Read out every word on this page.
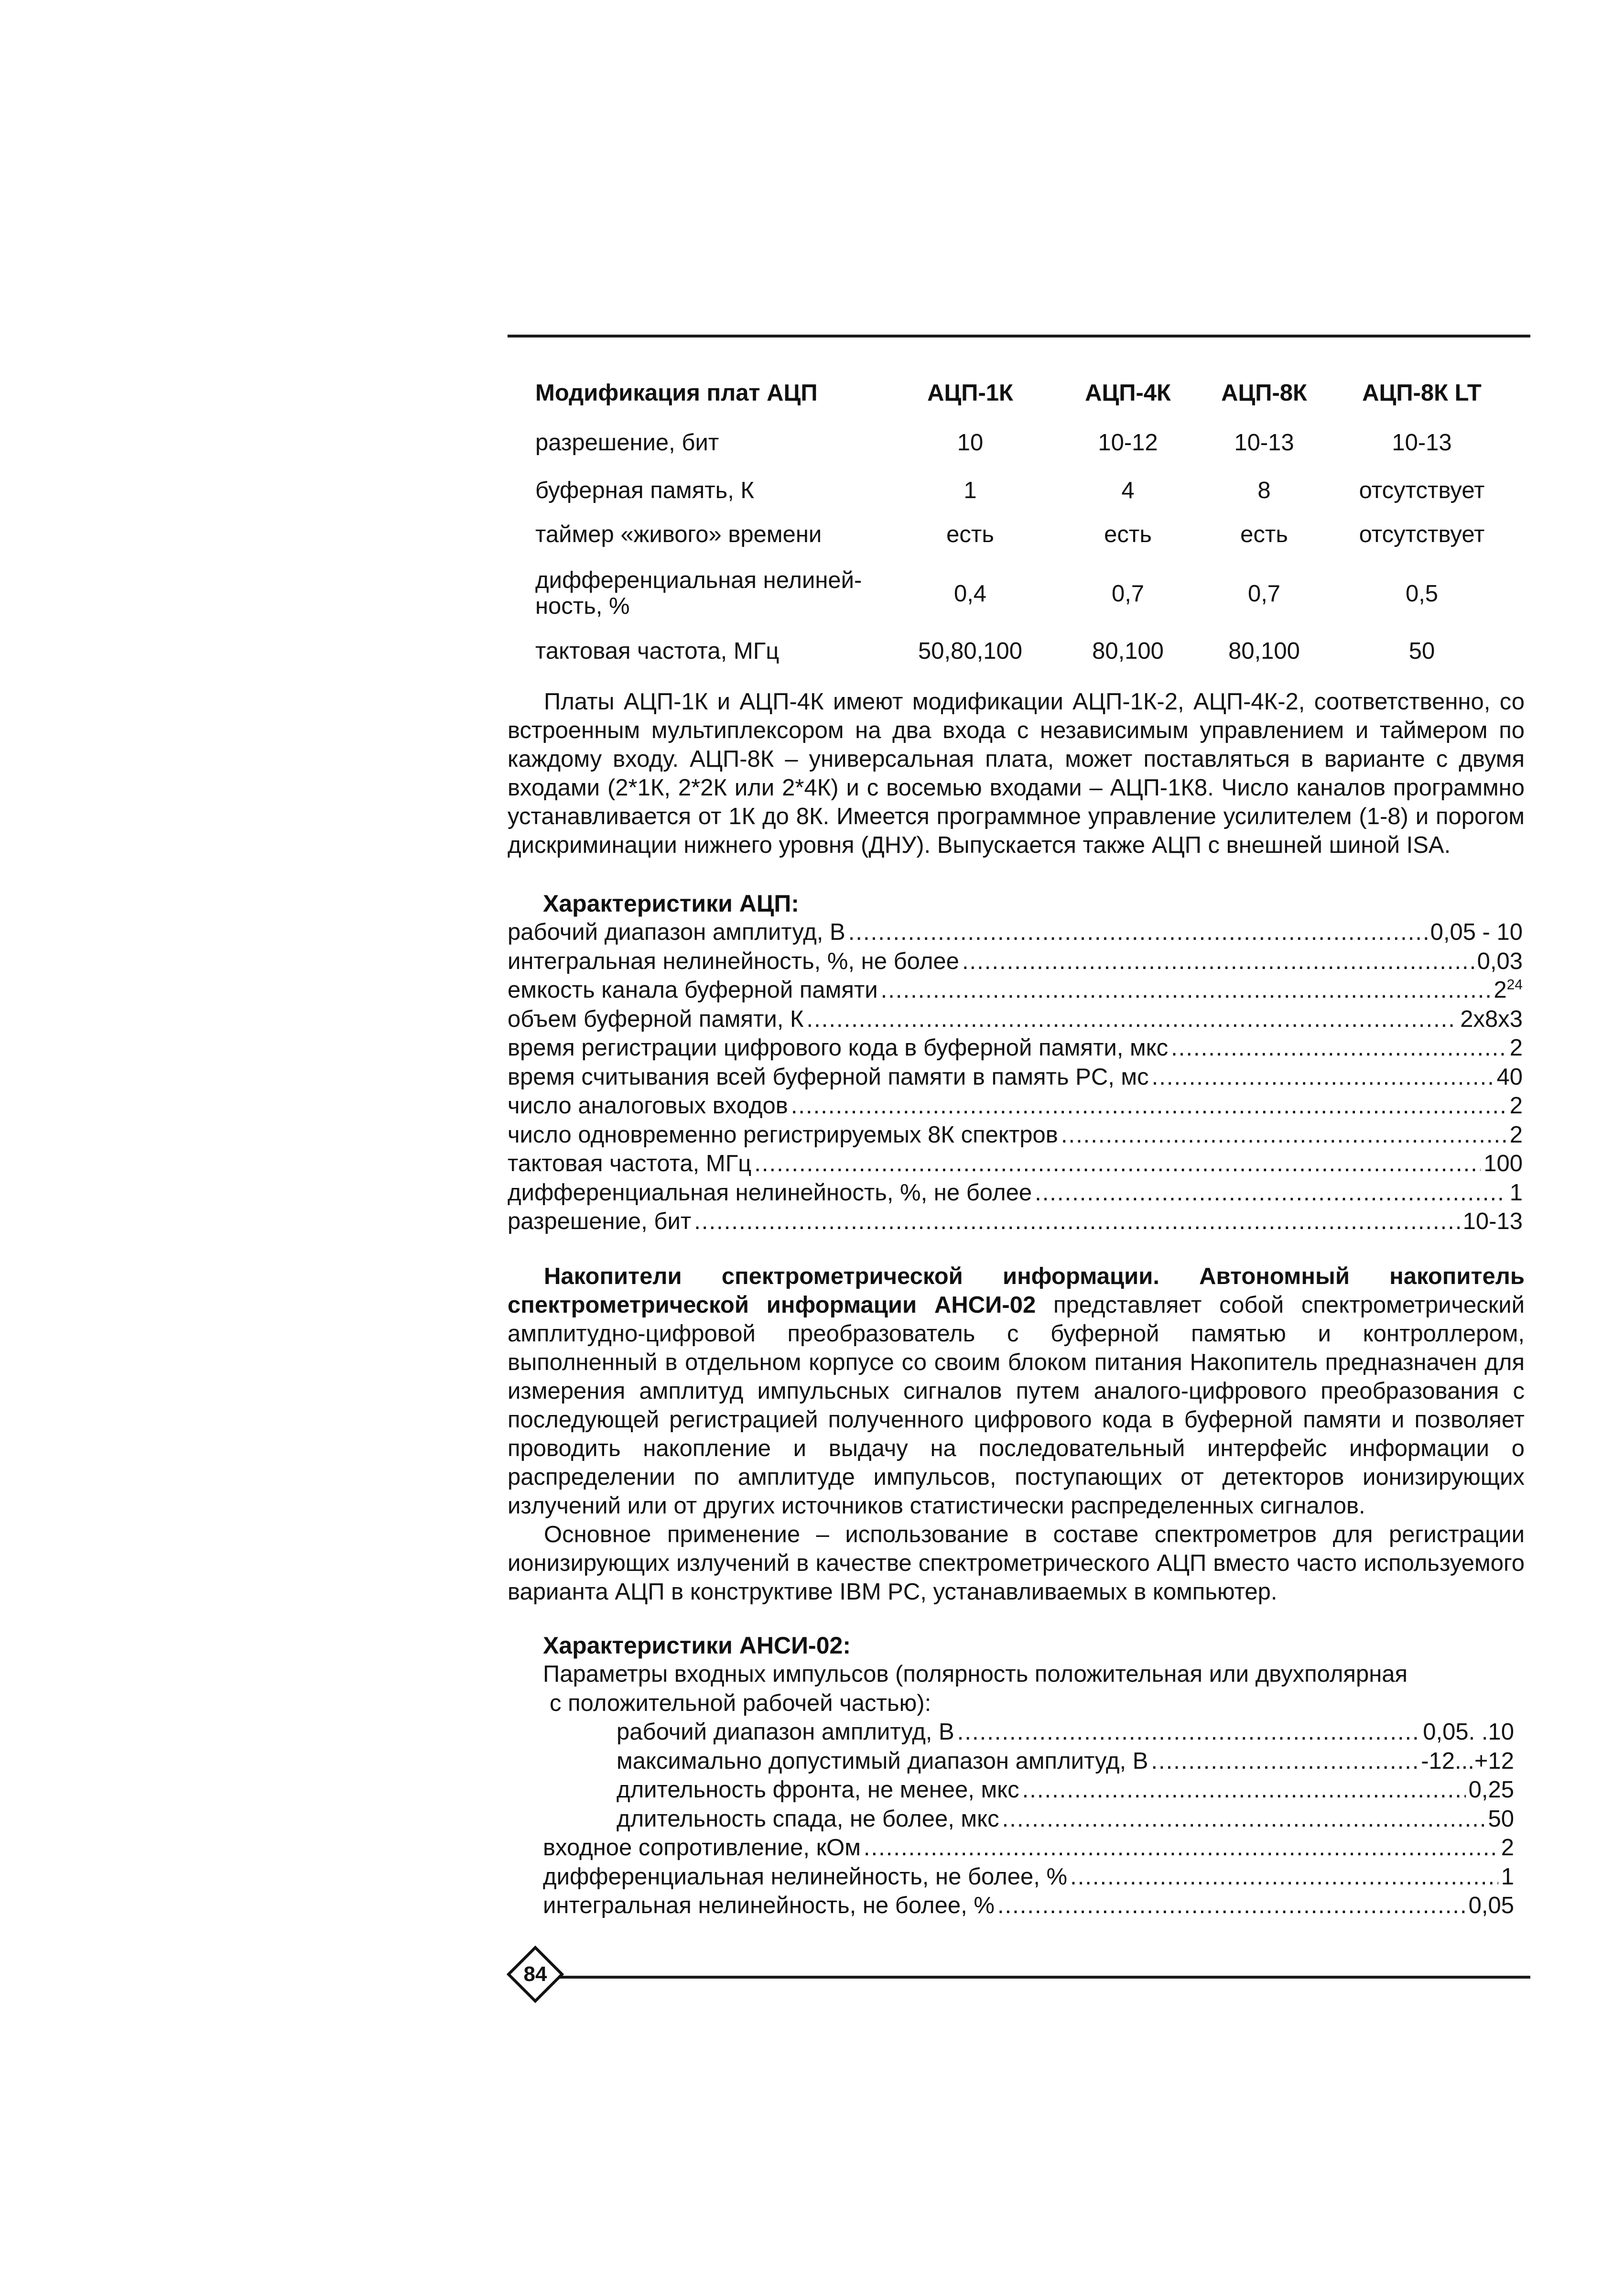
Модификация плат АЦП	АЦП-1К	АЦП-4К	АЦП-8К	АЦП-8К LT
разрешение, бит	10	10-12	10-13	10-13
буферная память, К	1	4	8	отсутствует
таймер «живого» времени	есть	есть	есть	отсутствует
дифференциальная нелиней-ность, %	0,4	0,7	0,7	0,5
тактовая частота, МГц	50,80,100	80,100	80,100	50

Платы АЦП-1К и АЦП-4К имеют модификации АЦП-1К-2, АЦП-4К-2, соответственно, со встроенным мультиплексором на два входа с независимым управлением и таймером по каждому входу. АЦП-8К – универсальная плата, может поставляться в варианте с двумя входами (2*1К, 2*2К или 2*4К) и с восемью входами – АЦП-1К8. Число каналов программно устанавливается от 1К до 8К. Имеется программное управление усилителем (1-8) и порогом дискриминации нижнего уровня (ДНУ). Выпускается также АЦП с внешней шиной ISA.

Характеристики АЦП:

рабочий диапазон амплитуд, В .....	0,05 - 10
интегральная нелинейность, %, не более .....	0,03
емкость канала буферной памяти .....	$2^{24}$
объем буферной памяти, К .....	2x8x3
время регистрации цифрового кода в буферной памяти, мкс .....	2
время считывания всей буферной памяти в память PC, мс .....	40
число аналоговых входов .....	2
число одновременно регистрируемых 8К спектров .....	2
тактовая частота, МГц .....	100
дифференциальная нелинейность, %, не более .....	1
разрешение, бит .....	10-13

Накопители спектрометрической информации. Автономный накопитель спектрометрической информации АНСИ-02 представляет собой спектрометрический амплитудно-цифровой преобразователь с буферной памятью и контроллером, выполненный в отдельном корпусе со своим блоком питания Накопитель предназначен для измерения амплитуд импульсных сигналов путем аналого-цифрового преобразования с последующей регистрацией полученного цифрового кода в буферной памяти и позволяет проводить накопление и выдачу на последовательный интерфейс информации о распределении по амплитуде импульсов, поступающих от детекторов ионизирующих излучений или от других источников статистически распределенных сигналов.

Основное применение – использование в составе спектрометров для регистрации ионизирующих излучений в качестве спектрометрического АЦП вместо часто используемого варианта АЦП в конструктиве IBM PC, устанавливаемых в компьютер.

Характеристики АНСИ-02:

Параметры входных импульсов (полярность положительная или двухполярная
с положительной рабочей частью):
рабочий диапазон амплитуд, В .....	0,05. .10
максимально допустимый диапазон амплитуд, В .....	-12...+12
длительность фронта, не менее, мкс .....	0,25
длительность спада, не более, мкс .....	50
входное сопротивление, кОм .....	2
дифференциальная нелинейность, не более, % .....	1
интегральная нелинейность, не более, % .....	0,05
84
